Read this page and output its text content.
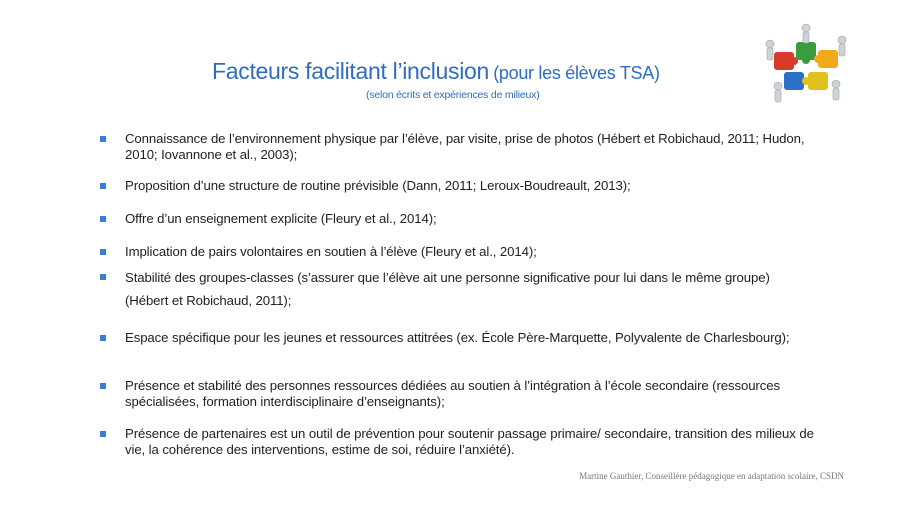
Facteurs facilitant l’inclusion (pour les élèves TSA)
(selon écrits et expériences de milieux)
Connaissance de l’environnement physique par l’élève, par visite, prise de photos (Hébert et Robichaud, 2011; Hudon, 2010; Iovannone et al., 2003);
Proposition d’une structure de routine prévisible (Dann, 2011; Leroux-Boudreault, 2013);
Offre d’un enseignement explicite (Fleury et al., 2014);
Implication de pairs volontaires en soutien à l’élève (Fleury et al., 2014);
Stabilité des groupes-classes (s’assurer que l’élève ait une personne significative pour lui dans le même groupe) (Hébert et Robichaud, 2011);
Espace spécifique pour les jeunes et ressources attitrées (ex. École Père-Marquette, Polyvalente de Charlesbourg);
Présence et stabilité des personnes ressources dédiées au soutien à l’intégration à l’école secondaire (ressources spécialisées, formation interdisciplinaire d’enseignants);
Présence de partenaires est un outil de prévention pour soutenir passage primaire/ secondaire, transition des milieux de vie, la cohérence des interventions, estime de soi, réduire l’anxiété).
Martine Gauthier, Conseillère pédagogique en adaptation scolaire, CSDN
